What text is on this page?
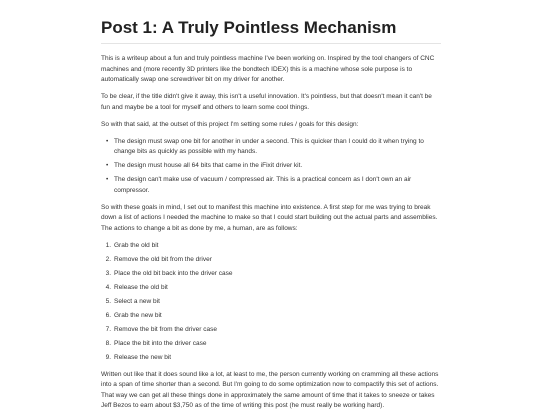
Post 1: A Truly Pointless Mechanism

This is a writeup about a fun and truly pointless machine I've been working on. Inspired by the tool changers of CNC machines and (more recently 3D printers like the bondtech IDEX) this is a machine whose sole purpose is to automatically swap one screwdriver bit on my driver for another.

To be clear, if the title didn't give it away, this isn't a useful innovation. It's pointless, but that doesn't mean it can't be fun and maybe be a tool for myself and others to learn some cool things.

So with that said, at the outset of this project I'm setting some rules / goals for this design:

• The design must swap one bit for another in under a second. This is quicker than I could do it when trying to change bits as quickly as possible with my hands.
• The design must house all 64 bits that came in the iFixit driver kit.
• The design can't make use of vacuum / compressed air. This is a practical concern as I don't own an air compressor.

So with these goals in mind, I set out to manifest this machine into existence. A first step for me was trying to break down a list of actions I needed the machine to make so that I could start building out the actual parts and assemblies. The actions to change a bit as done by me, a human, are as follows:

1. Grab the old bit
2. Remove the old bit from the driver
3. Place the old bit back into the driver case
4. Release the old bit
5. Select a new bit
6. Grab the new bit
7. Remove the bit from the driver case
8. Place the bit into the driver case
9. Release the new bit

Written out like that it does sound like a lot, at least to me, the person currently working on cramming all these actions into a span of time shorter than a second. But I'm going to do some optimization now to compactify this set of actions. That way we can get all these things done in approximately the same amount of time that it takes to sneeze or takes Jeff Bezos to earn about $3,750 as of the time of writing this post (he must really be working hard).
